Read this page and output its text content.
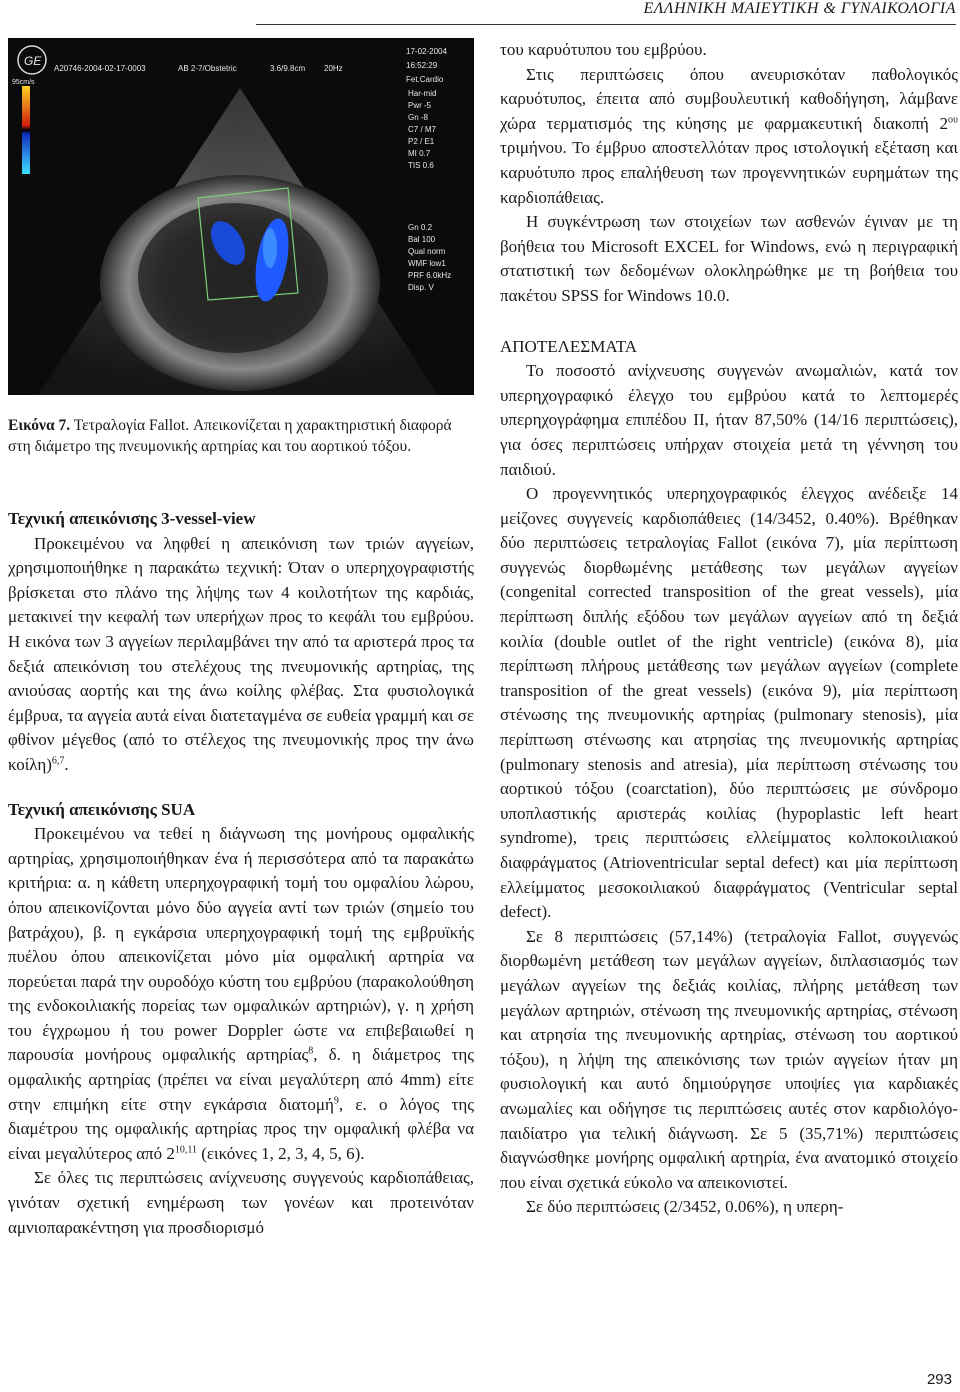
ΕΛΛΗΝΙΚΗ ΜΑΙΕΥΤΙΚΗ & ΓΥΝΑΙΚΟΛΟΓΙΑ
GE
A20746-2004-02-17-0003	AB 2-7/Obstetric	3.6/9.8cm 20Hz
17-02-2004
16:52:29
Fet.Cardio
Har-mid
Pwr -5
Gn -8
C7 / M7
P2 / E1
MI 0.7
TIS 0.6
Gn 0.2
Bal 100
Qual norm
WMF low1
PRF 6.0kHz
Disp. V
95cm/s
Εικόνα 7. Τετραλογία Fallot. Απεικονίζεται η χαρακτηριστική διαφορά στη διάμετρο της πνευμονικής αρτηρίας και του αορτικού τόξου.
Τεχνική απεικόνισης 3-vessel-view

Προκειμένου να ληφθεί η απεικόνιση των τριών αγγείων, χρησιμοποιήθηκε η παρακάτω τεχνική: Όταν ο υπερηχογραφιστής βρίσκεται στο πλάνο της λήψης των 4 κοιλοτήτων της καρδιάς, μετακινεί την κεφαλή των υπερήχων προς το κεφάλι του εμβρύου. Η εικόνα των 3 αγγείων περιλαμβάνει την από τα αριστερά προς τα δεξιά απεικόνιση του στελέχους της πνευμονικής αρτηρίας, της ανιούσας αορτής και της άνω κοίλης φλέβας. Στα φυσιολογικά έμβρυα, τα αγγεία αυτά είναι διατεταγμένα σε ευθεία γραμμή και σε φθίνον μέγεθος (από το στέλεχος της πνευμονικής προς την άνω κοίλη)$^{6,7}$.

Τεχνική απεικόνισης SUA

Προκειμένου να τεθεί η διάγνωση της μονήρους ομφαλικής αρτηρίας, χρησιμοποιήθηκαν ένα ή περισσότερα από τα παρακάτω κριτήρια: α. η κάθετη υπερηχογραφική τομή του ομφαλίου λώρου, όπου απεικονίζονται μόνο δύο αγγεία αντί των τριών (σημείο του βατράχου), β. η εγκάρσια υπερηχογραφική τομή της εμβρυϊκής πυέλου όπου απεικονίζεται μόνο μία ομφαλική αρτηρία να πορεύεται παρά την ουροδόχο κύστη του εμβρύου (παρακολούθηση της ενδοκοιλιακής πορείας των ομφαλικών αρτηριών), γ. η χρήση του έγχρωμου ή του power Doppler ώστε να επιβεβαιωθεί η παρουσία μονήρους ομφαλικής αρτηρίας$^8$, δ. η διάμετρος της ομφαλικής αρτηρίας (πρέπει να είναι μεγαλύτερη από 4mm) είτε στην επιμήκη είτε στην εγκάρσια διατομή$^9$, ε. ο λόγος της διαμέτρου της ομφαλικής αρτηρίας προς την ομφαλική φλέβα να είναι μεγαλύτερος από 2$^{10,11}$ (εικόνες 1, 2, 3, 4, 5, 6).

Σε όλες τις περιπτώσεις ανίχνευσης συγγενούς καρδιοπάθειας, γινόταν σχετική ενημέρωση των γονέων και προτεινόταν αμνιοπαρακέντηση για προσδιορισμό

του καρυότυπου του εμβρύου.

Στις περιπτώσεις όπου ανευρισκόταν παθολογικός καρυότυπος, έπειτα από συμβουλευτική καθοδήγηση, λάμβανε χώρα τερματισμός της κύησης με φαρμακευτική διακοπή $2^{o\upsilon}$ τριμήνου. Το έμβρυο αποστελλόταν προς ιστολογική εξέταση και καρυότυπο προς επαλήθευση των προγεννητικών ευρημάτων της καρδιοπάθειας.

Η συγκέντρωση των στοιχείων των ασθενών έγιναν με τη βοήθεια του Microsoft EXCEL for Windows, ενώ η περιγραφική στατιστική των δεδομένων ολοκληρώθηκε με τη βοήθεια του πακέτου SPSS for Windows 10.0.

ΑΠΟΤΕΛΕΣΜΑΤΑ

Το ποσοστό ανίχνευσης συγγενών ανωμαλιών, κατά τον υπερηχογραφικό έλεγχο του εμβρύου κατά το λεπτομερές υπερηχογράφημα επιπέδου ΙΙ, ήταν 87,50% (14/16 περιπτώσεις), για όσες περιπτώσεις υπήρχαν στοιχεία μετά τη γέννηση του παιδιού.

Ο προγεννητικός υπερηχογραφικός έλεγχος ανέδειξε 14 μείζονες συγγενείς καρδιοπάθειες (14/3452, 0.40%). Βρέθηκαν δύο περιπτώσεις τετραλογίας Fallot (εικόνα 7), μία περίπτωση συγγενώς διορθωμένης μετάθεσης των μεγάλων αγγείων (congenital corrected transposition of the great vessels), μία περίπτωση διπλής εξόδου των μεγάλων αγγείων από τη δεξιά κοιλία (double outlet of the right ventricle) (εικόνα 8), μία περίπτωση πλήρους μετάθεσης των μεγάλων αγγείων (complete transposition of the great vessels) (εικόνα 9), μία περίπτωση στένωσης της πνευμονικής αρτηρίας (pulmonary stenosis), μία περίπτωση στένωσης και ατρησίας της πνευμονικής αρτηρίας (pulmonary stenosis and atresia), μία περίπτωση στένωσης του αορτικού τόξου (coarctation), δύο περιπτώσεις με σύνδρομο υποπλαστικής αριστεράς κοιλίας (hypoplastic left heart syndrome), τρεις περιπτώσεις ελλείμματος κολποκοιλιακού διαφράγματος (Atrioventricular septal defect) και μία περίπτωση ελλείμματος μεσοκοιλιακού διαφράγματος (Ventricular septal defect).

Σε 8 περιπτώσεις (57,14%) (τετραλογία Fallot, συγγενώς διορθωμένη μετάθεση των μεγάλων αγγείων, διπλασιασμός των μεγάλων αγγείων της δεξιάς κοιλίας, πλήρης μετάθεση των μεγάλων αρτηριών, στένωση της πνευμονικής αρτηρίας, στένωση και ατρησία της πνευμονικής αρτηρίας, στένωση του αορτικού τόξου), η λήψη της απεικόνισης των τριών αγγείων ήταν μη φυσιολογική και αυτό δημιούργησε υποψίες για καρδιακές ανωμαλίες και οδήγησε τις περιπτώσεις αυτές στον καρδιολόγο-παιδίατρο για τελική διάγνωση. Σε 5 (35,71%) περιπτώσεις διαγνώσθηκε μονήρης ομφαλική αρτηρία, ένα ανατομικό στοιχείο που είναι σχετικά εύκολο να απεικονιστεί.

Σε δύο περιπτώσεις (2/3452, 0.06%), η υπερη-

293
